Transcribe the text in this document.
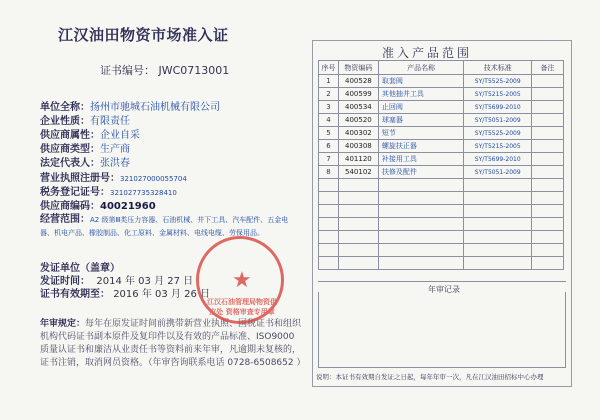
江汉油田物资市场准入证
证书编号： JWC0713001
单位全称：扬州市驰城石油机械有限公司
企业性质：有限责任
供应商属性：企业自采
供应商类型：生产商
法定代表人：张洪春
营业执照注册号：321027000055704
税务登记证号：321027735328410
供应商编码：40021960
经营范围：A2 级第Ⅲ类压力容器、石油机械、井下工具、汽车配件、五金电器、机电产品、橡胶制品、化工原料、金属材料、电线电缆、劳保用品。
发证单位（盖章）
发证时间： 2014 年 03 月 27 日
证书有效期至： 2016 年 03 月 26 日
年审规定：每年在原发证时间前携带新营业执照、国税证书和组织机构代码证书副本原件及复印件以及有效的产品标准、ISO9000 质量认证书和廉洁从业责任书等资料前来年审，凡逾期未复核的，证书注销，取消网员资格。（年审咨询联系电话 0728-6508652 ）
★
江汉石油管理局物资供应处 资格审查专用章
准入产品范围
序号	物资编码	产品名称	技术标准	备注
1	400528	取套阀	SY/T5525-2009	
2	400599	其他抽井工具	SY/T5215-2005	
3	400534	止回阀	SY/T5699-2010	
4	400520	球塞器	SY/T5051-2009	
5	400302	短节	SY/T5525-2009	
6	400308	螺旋扶正器	SY/T5215-2005	
7	401120	补接用工具	SY/T5699-2010	
8	540102	扶修及配件	SY/T5051-2009	

年审记录
说明：本证书有效期自发证之日起，每年年审一次，凡在江汉油田招标中心办理
